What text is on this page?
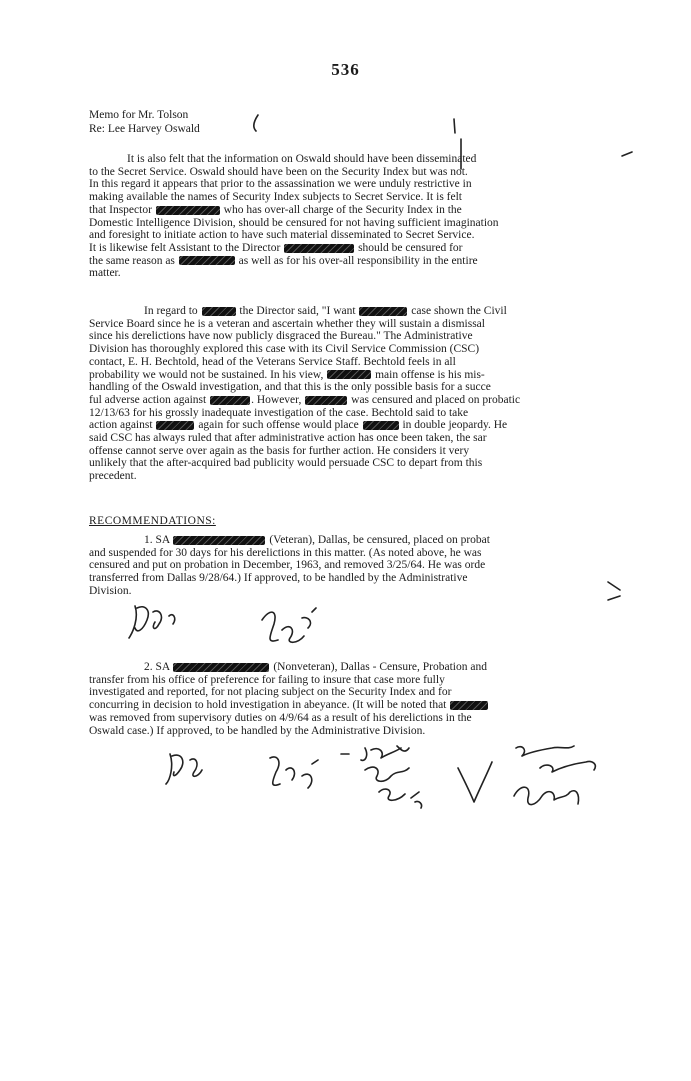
536
Memo for Mr. Tolson
Re: Lee Harvey Oswald
It is also felt that the information on Oswald should have been disseminated
to the Secret Service. Oswald should have been on the Security Index but was not.
In this regard it appears that prior to the assassination we were unduly restrictive in
making available the names of Security Index subjects to Secret Service. It is felt
that Inspector	who has over-all charge of the Security Index in the
Domestic Intelligence Division, should be censured for not having sufficient imagination
and foresight to initiate action to have such material disseminated to Secret Service.
It is likewise felt Assistant to the Director	should be censured for
the same reason as	as well as for his over-all responsibility in the entire
matter.
In regard to	the Director said, "I want	case shown the Civil
Service Board since he is a veteran and ascertain whether they will sustain a dismissal
since his derelictions have now publicly disgraced the Bureau." The Administrative
Division has thoroughly explored this case with its Civil Service Commission (CSC)
contact, E. H. Bechtold, head of the Veterans Service Staff. Bechtold feels in all
probability we would not be sustained. In his view,	main offense is his mis-
handling of the Oswald investigation, and that this is the only possible basis for a succe
ful adverse action against	. However,	was censured and placed on probatic
12/13/63 for his grossly inadequate investigation of the case. Bechtold said to take
action against	again for such offense would place	in double jeopardy. He
said CSC has always ruled that after administrative action has once been taken, the sar
offense cannot serve over again as the basis for further action. He considers it very
unlikely that the after-acquired bad publicity would persuade CSC to depart from this
precedent.
RECOMMENDATIONS:
1. SA	(Veteran), Dallas, be censured, placed on probat
and suspended for 30 days for his derelictions in this matter. (As noted above, he was
censured and put on probation in December, 1963, and removed 3/25/64. He was orde
transferred from Dallas 9/28/64.) If approved, to be handled by the Administrative
Division.
2. SA	(Nonveteran), Dallas - Censure, Probation and
transfer from his office of preference for failing to insure that case more fully
investigated and reported, for not placing subject on the Security Index and for
concurring in decision to hold investigation in abeyance. (It will be noted that
was removed from supervisory duties on 4/9/64 as a result of his derelictions in the
Oswald case.) If approved, to be handled by the Administrative Division.
